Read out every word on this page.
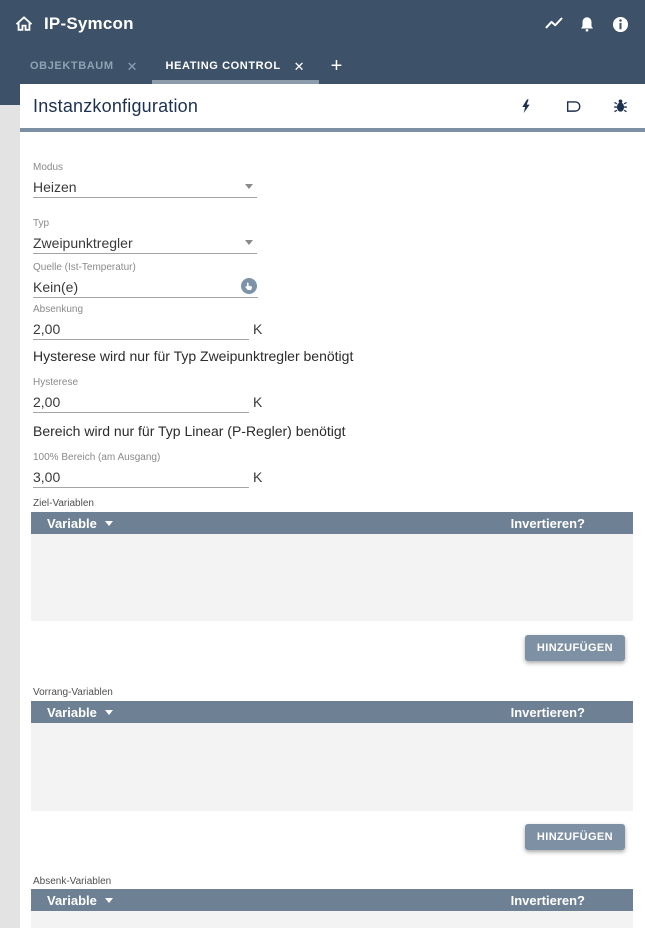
IP-Symcon
OBJEKTBAUM ✕	HEATING CONTROL ✕	+
Instanzkonfiguration
Modus
Heizen
Typ
Zweipunktregler
Quelle (Ist-Temperatur)
Kein(e)
Absenkung
2,00	K
Hysterese wird nur für Typ Zweipunktregler benötigt
Hysterese
2,00	K
Bereich wird nur für Typ Linear (P-Regler) benötigt
100% Bereich (am Ausgang)
3,00	K
Ziel-Variablen
Variable	Invertieren?
HINZUFÜGEN
Vorrang-Variablen
Variable	Invertieren?
HINZUFÜGEN
Absenk-Variablen
Variable	Invertieren?
